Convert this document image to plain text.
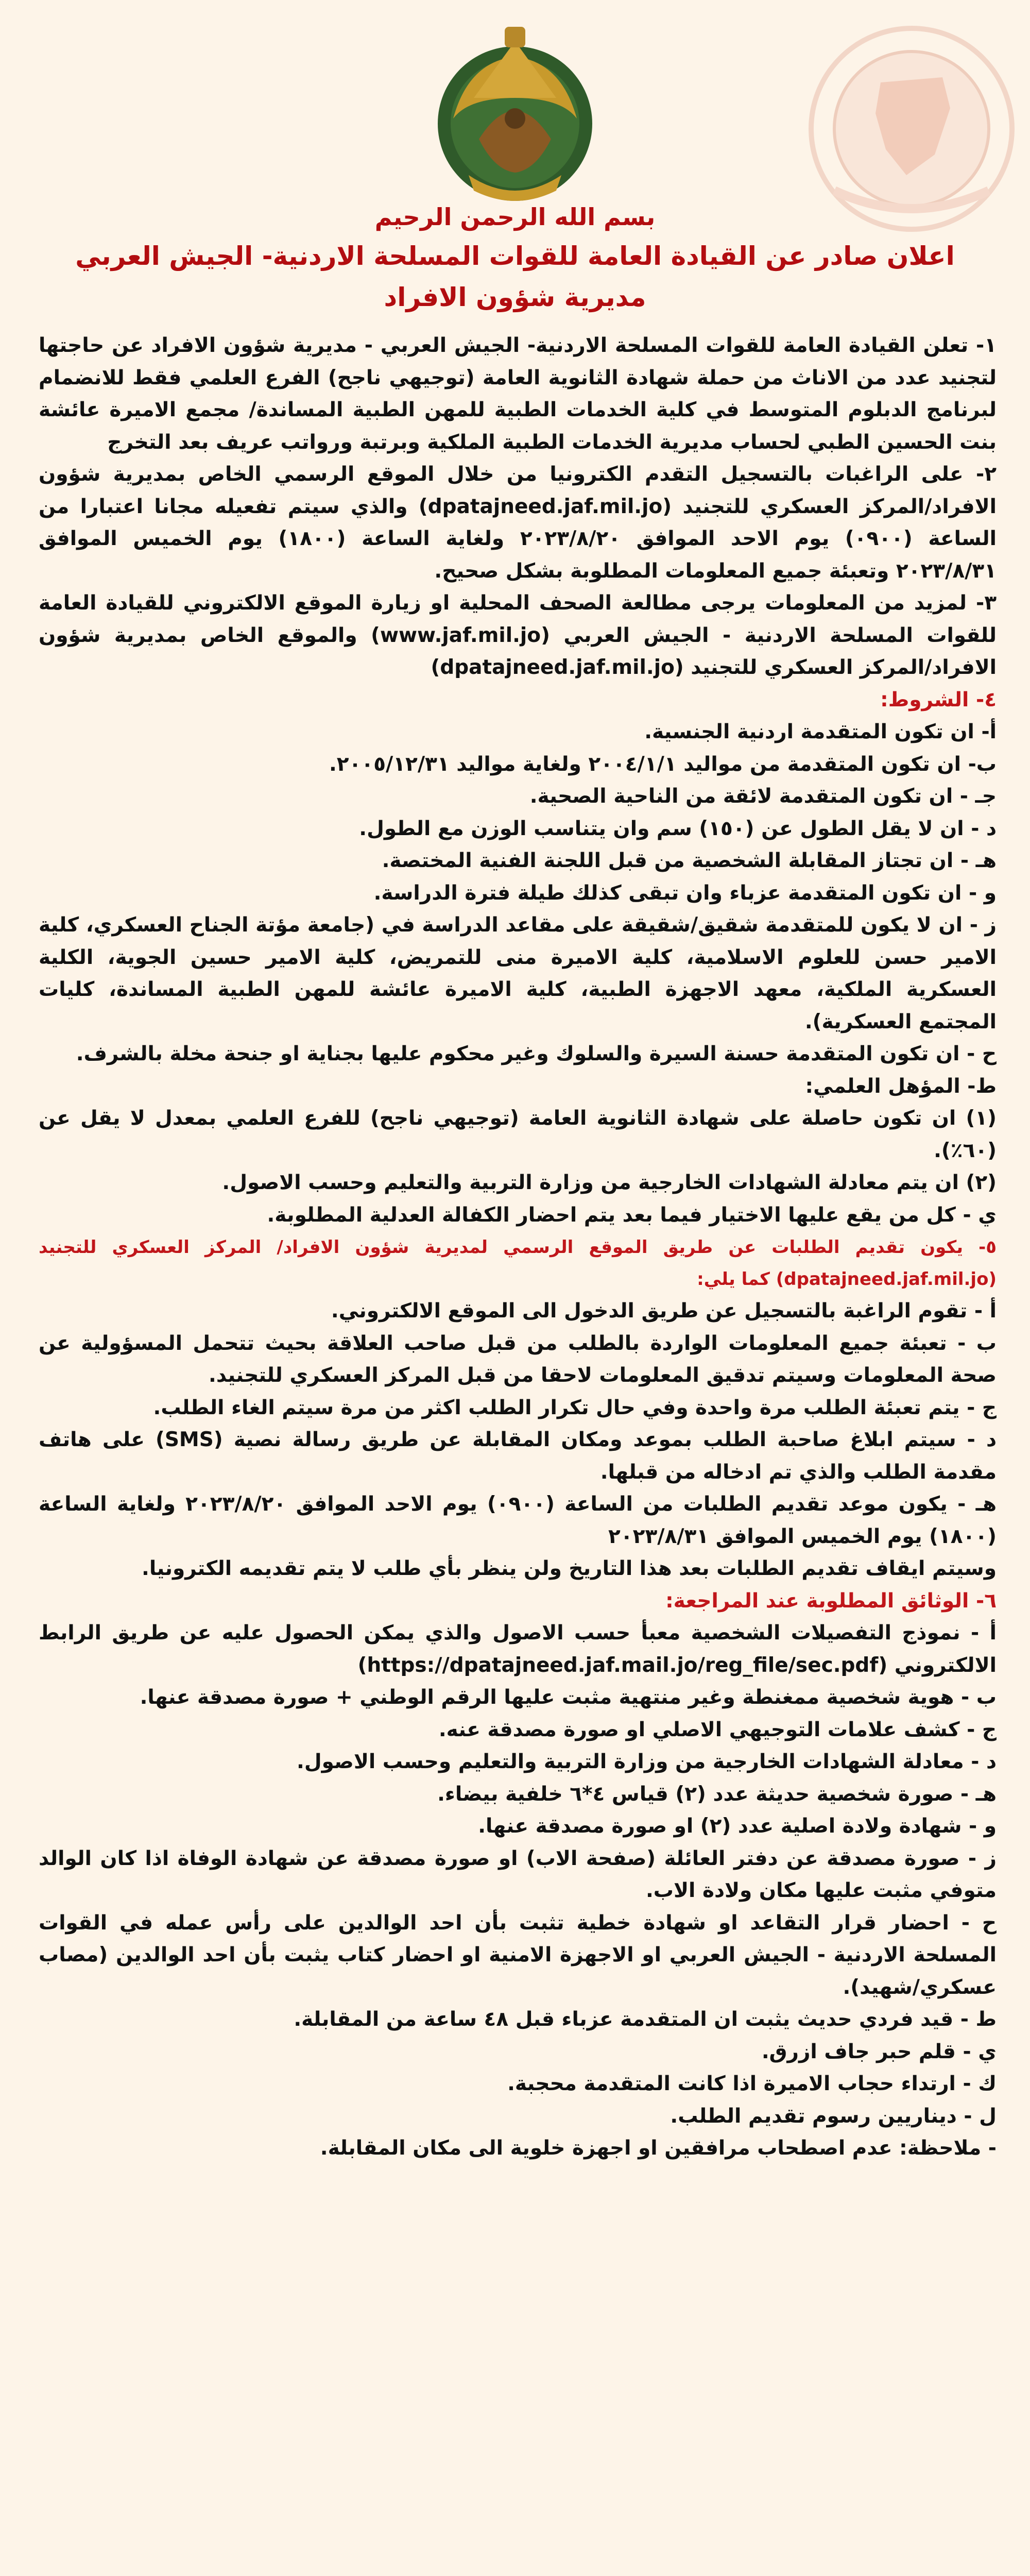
بسم الله الرحمن الرحيم
اعلان صادر عن القيادة العامة للقوات المسلحة الاردنية- الجيش العربي
مديرية شؤون الافراد

١- تعلن القيادة العامة للقوات المسلحة الاردنية- الجيش العربي - مديرية شؤون الافراد عن حاجتها لتجنيد عدد من الاناث من حملة شهادة الثانوية العامة (توجيهي ناجح) الفرع العلمي فقط للانضمام لبرنامج الدبلوم المتوسط في كلية الخدمات الطبية للمهن الطبية المساندة/ مجمع الاميرة عائشة بنت الحسين الطبي لحساب مديرية الخدمات الطبية الملكية وبرتبة ورواتب عريف بعد التخرج

٢- على الراغبات بالتسجيل التقدم الكترونيا من خلال الموقع الرسمي الخاص بمديرية شؤون الافراد/المركز العسكري للتجنيد (dpatajneed.jaf.mil.jo) والذي سيتم تفعيله مجانا اعتبارا من الساعة (٠٩٠٠) يوم الاحد الموافق ٢٠٢٣/٨/٢٠ ولغاية الساعة (١٨٠٠) يوم الخميس الموافق ٢٠٢٣/٨/٣١ وتعبئة جميع المعلومات المطلوبة بشكل صحيح.

٣- لمزيد من المعلومات يرجى مطالعة الصحف المحلية او زيارة الموقع الالكتروني للقيادة العامة للقوات المسلحة الاردنية - الجيش العربي (www.jaf.mil.jo) والموقع الخاص بمديرية شؤون الافراد/المركز العسكري للتجنيد (dpatajneed.jaf.mil.jo)

٤- الشروط:

أ- ان تكون المتقدمة اردنية الجنسية.

ب- ان تكون المتقدمة من مواليد ٢٠٠٤/١/١ ولغاية مواليد ٢٠٠٥/١٢/٣١.

جـ - ان تكون المتقدمة لائقة من الناحية الصحية.

د - ان لا يقل الطول عن (١٥٠) سم وان يتناسب الوزن مع الطول.

هـ - ان تجتاز المقابلة الشخصية من قبل اللجنة الفنية المختصة.

و - ان تكون المتقدمة عزباء وان تبقى كذلك طيلة فترة الدراسة.

ز - ان لا يكون للمتقدمة شقيق/شقيقة على مقاعد الدراسة في (جامعة مؤتة الجناح العسكري، كلية الامير حسن للعلوم الاسلامية، كلية الاميرة منى للتمريض، كلية الامير حسين الجوية، الكلية العسكرية الملكية، معهد الاجهزة الطبية، كلية الاميرة عائشة للمهن الطبية المساندة، كليات المجتمع العسكرية).

ح - ان تكون المتقدمة حسنة السيرة والسلوك وغير محكوم عليها بجناية او جنحة مخلة بالشرف.

ط- المؤهل العلمي:

(١) ان تكون حاصلة على شهادة الثانوية العامة (توجيهي ناجح) للفرع العلمي بمعدل لا يقل عن (٦٠٪).

(٢) ان يتم معادلة الشهادات الخارجية من وزارة التربية والتعليم وحسب الاصول.

ي - كل من يقع عليها الاختيار فيما بعد يتم احضار الكفالة العدلية المطلوبة.

٥- يكون تقديم الطلبات عن طريق الموقع الرسمي لمديرية شؤون الافراد/ المركز العسكري للتجنيد (dpatajneed.jaf.mil.jo) كما يلي:

أ - تقوم الراغبة بالتسجيل عن طريق الدخول الى الموقع الالكتروني.

ب - تعبئة جميع المعلومات الواردة بالطلب من قبل صاحب العلاقة بحيث تتحمل المسؤولية عن صحة المعلومات وسيتم تدقيق المعلومات لاحقا من قبل المركز العسكري للتجنيد.

ج - يتم تعبئة الطلب مرة واحدة وفي حال تكرار الطلب اكثر من مرة سيتم الغاء الطلب.

د - سيتم ابلاغ صاحبة الطلب بموعد ومكان المقابلة عن طريق رسالة نصية (SMS) على هاتف مقدمة الطلب والذي تم ادخاله من قبلها.

هـ - يكون موعد تقديم الطلبات من الساعة (٠٩٠٠) يوم الاحد الموافق ٢٠٢٣/٨/٢٠ ولغاية الساعة (١٨٠٠) يوم الخميس الموافق ٢٠٢٣/٨/٣١

وسيتم ايقاف تقديم الطلبات بعد هذا التاريخ ولن ينظر بأي طلب لا يتم تقديمه الكترونيا.

٦- الوثائق المطلوبة عند المراجعة:

أ - نموذج التفصيلات الشخصية معبأ حسب الاصول والذي يمكن الحصول عليه عن طريق الرابط الالكتروني (https://dpatajneed.jaf.mail.jo/reg_file/sec.pdf)

ب - هوية شخصية ممغنطة وغير منتهية مثبت عليها الرقم الوطني + صورة مصدقة عنها.

ج - كشف علامات التوجيهي الاصلي او صورة مصدقة عنه.

د - معادلة الشهادات الخارجية من وزارة التربية والتعليم وحسب الاصول.

هـ - صورة شخصية حديثة عدد (٢) قياس ٤*٦ خلفية بيضاء.

و - شهادة ولادة اصلية عدد (٢) او صورة مصدقة عنها.

ز - صورة مصدقة عن دفتر العائلة (صفحة الاب) او صورة مصدقة عن شهادة الوفاة اذا كان الوالد متوفي مثبت عليها مكان ولادة الاب.

ح - احضار قرار التقاعد او شهادة خطية تثبت بأن احد الوالدين على رأس عمله في القوات المسلحة الاردنية - الجيش العربي او الاجهزة الامنية او احضار كتاب يثبت بأن احد الوالدين (مصاب عسكري/شهيد).

ط - قيد فردي حديث يثبت ان المتقدمة عزباء قبل ٤٨ ساعة من المقابلة.

ي - قلم حبر جاف ازرق.

ك - ارتداء حجاب الاميرة اذا كانت المتقدمة محجبة.

ل - ديناريين رسوم تقديم الطلب.

- ملاحظة: عدم اصطحاب مرافقين او اجهزة خلوية الى مكان المقابلة.
